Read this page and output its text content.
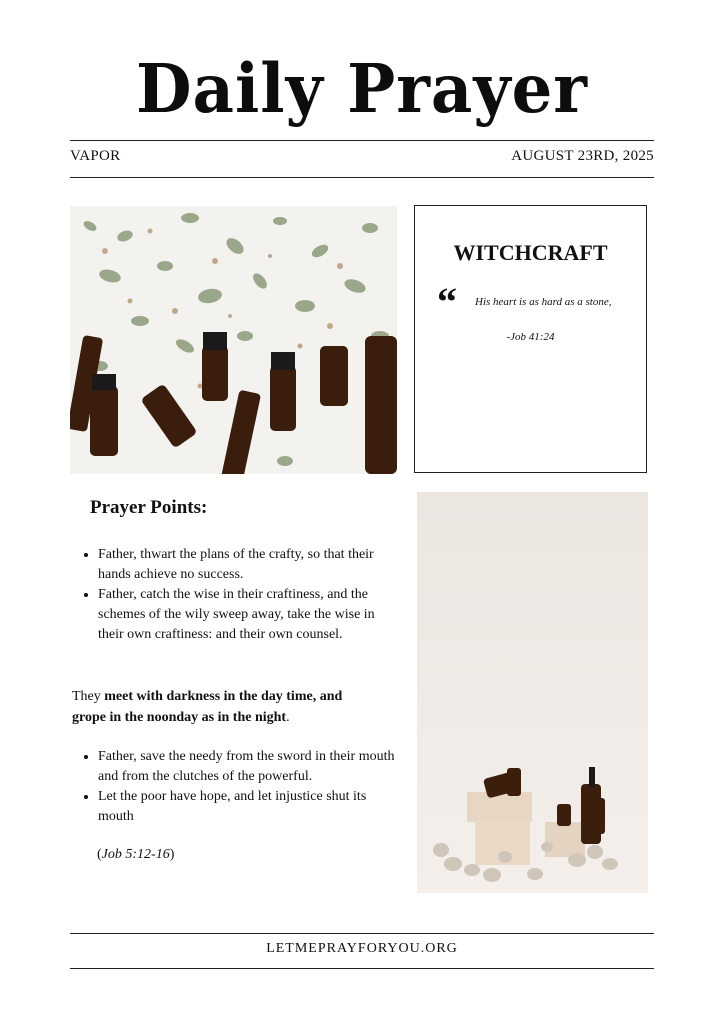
Daily Prayer
VAPOR	AUGUST 23RD, 2025
WITCHCRAFT
“ His heart is as hard as a stone,
-Job 41:24
Prayer Points:
• Father, thwart the plans of the crafty, so that their hands achieve no success.
• Father, catch the wise in their craftiness, and the schemes of the wily sweep away, take the wise in their own craftiness: and their own counsel.
They meet with darkness in the day time, and grope in the noonday as in the night.
• Father, save the needy from the sword in their mouth and from the clutches of the powerful.
• Let the poor have hope, and let injustice shut its mouth
(Job 5:12-16)
LETMEPRAYFORYOU.ORG
